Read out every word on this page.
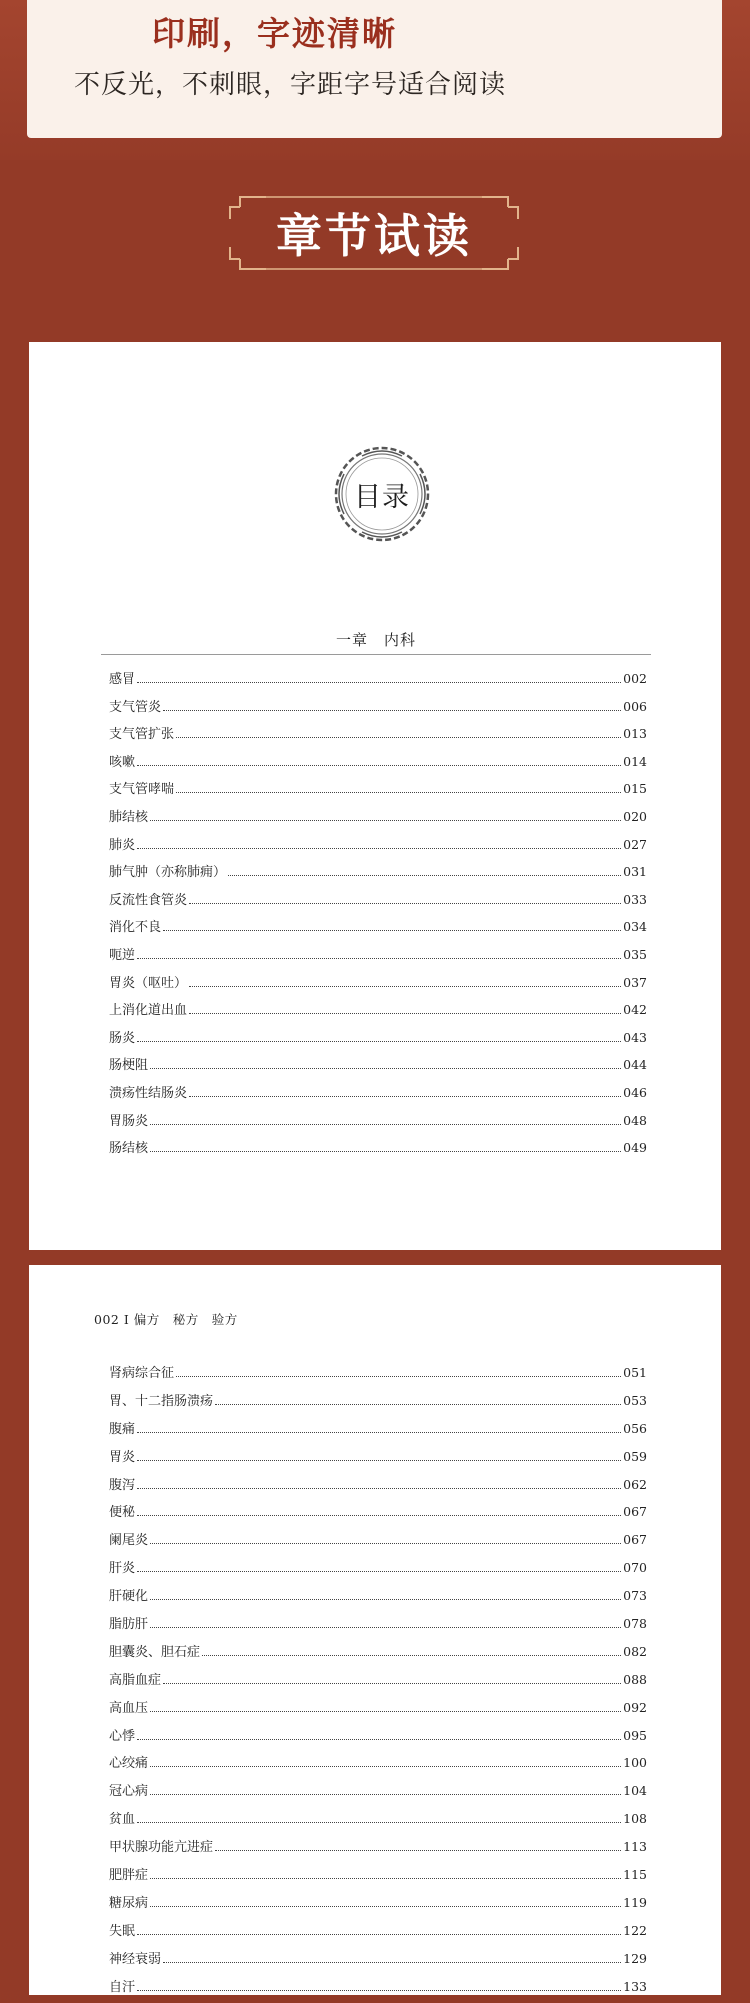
印刷，字迹清晰
不反光，不刺眼，字距字号适合阅读
章节试读
目录
一章　内科
感冒	002
支气管炎	006
支气管扩张	013
咳嗽	014
支气管哮喘	015
肺结核	020
肺炎	027
肺气肿（亦称肺痈）	031
反流性食管炎	033
消化不良	034
呃逆	035
胃炎（呕吐）	037
上消化道出血	042
肠炎	043
肠梗阻	044
溃疡性结肠炎	046
胃肠炎	048
肠结核	049
002 I 偏方　秘方　验方
肾病综合征	051
胃、十二指肠溃疡	053
腹痛	056
胃炎	059
腹泻	062
便秘	067
阑尾炎	067
肝炎	070
肝硬化	073
脂肪肝	078
胆囊炎、胆石症	082
高脂血症	088
高血压	092
心悸	095
心绞痛	100
冠心病	104
贫血	108
甲状腺功能亢进症	113
肥胖症	115
糖尿病	119
失眠	122
神经衰弱	129
自汗	133
